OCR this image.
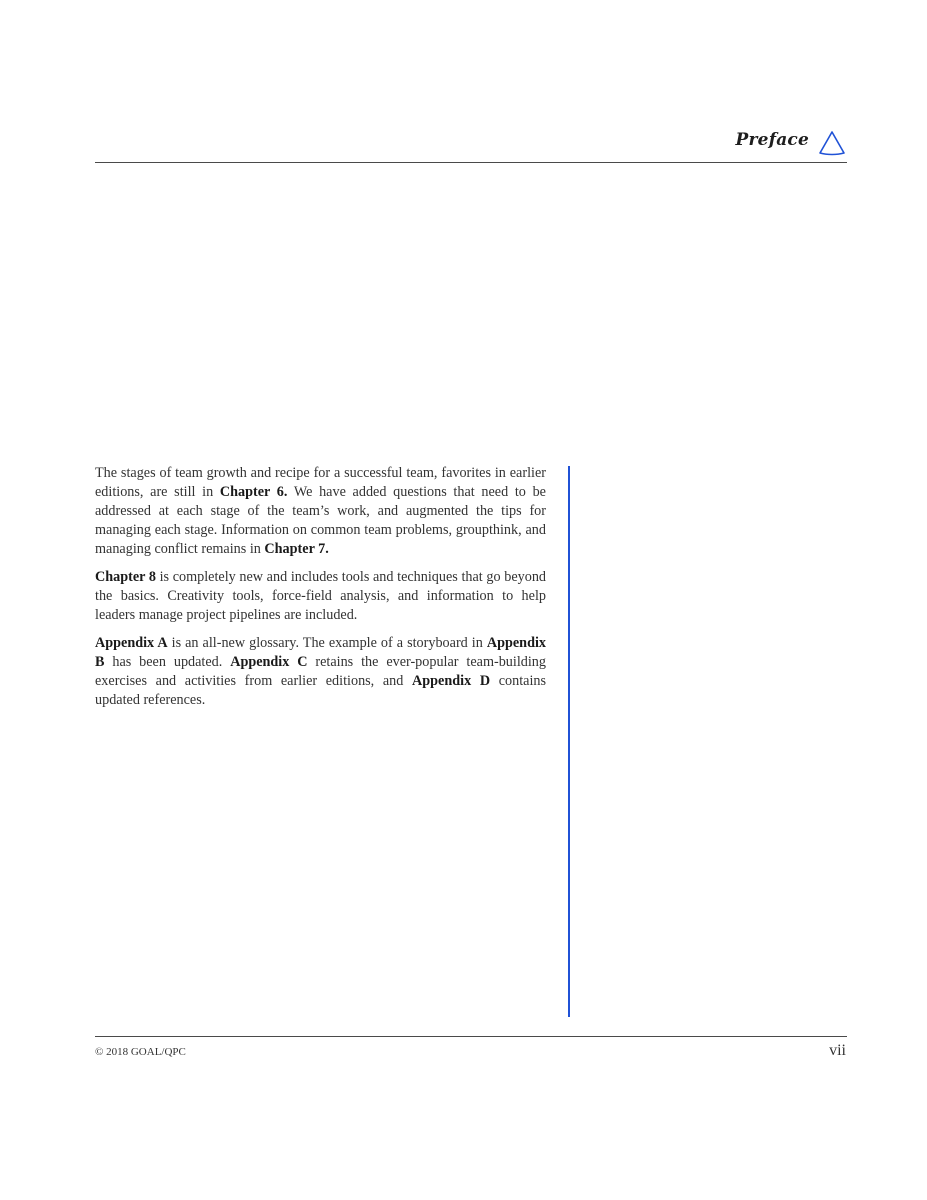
Preface

The stages of team growth and recipe for a successful team, favorites in earlier editions, are still in Chapter 6. We have added questions that need to be addressed at each stage of the team’s work, and augmented the tips for managing each stage. Information on common team problems, groupthink, and managing conflict remains in Chapter 7.

Chapter 8 is completely new and includes tools and techniques that go beyond the basics. Creativity tools, force-field analysis, and information to help leaders manage project pipelines are included.

Appendix A is an all-new glossary. The example of a storyboard in Appendix B has been updated. Appendix C retains the ever-popular team-building exercises and activities from earlier editions, and Appendix D contains updated references.

© 2018 GOAL/QPC	vii
